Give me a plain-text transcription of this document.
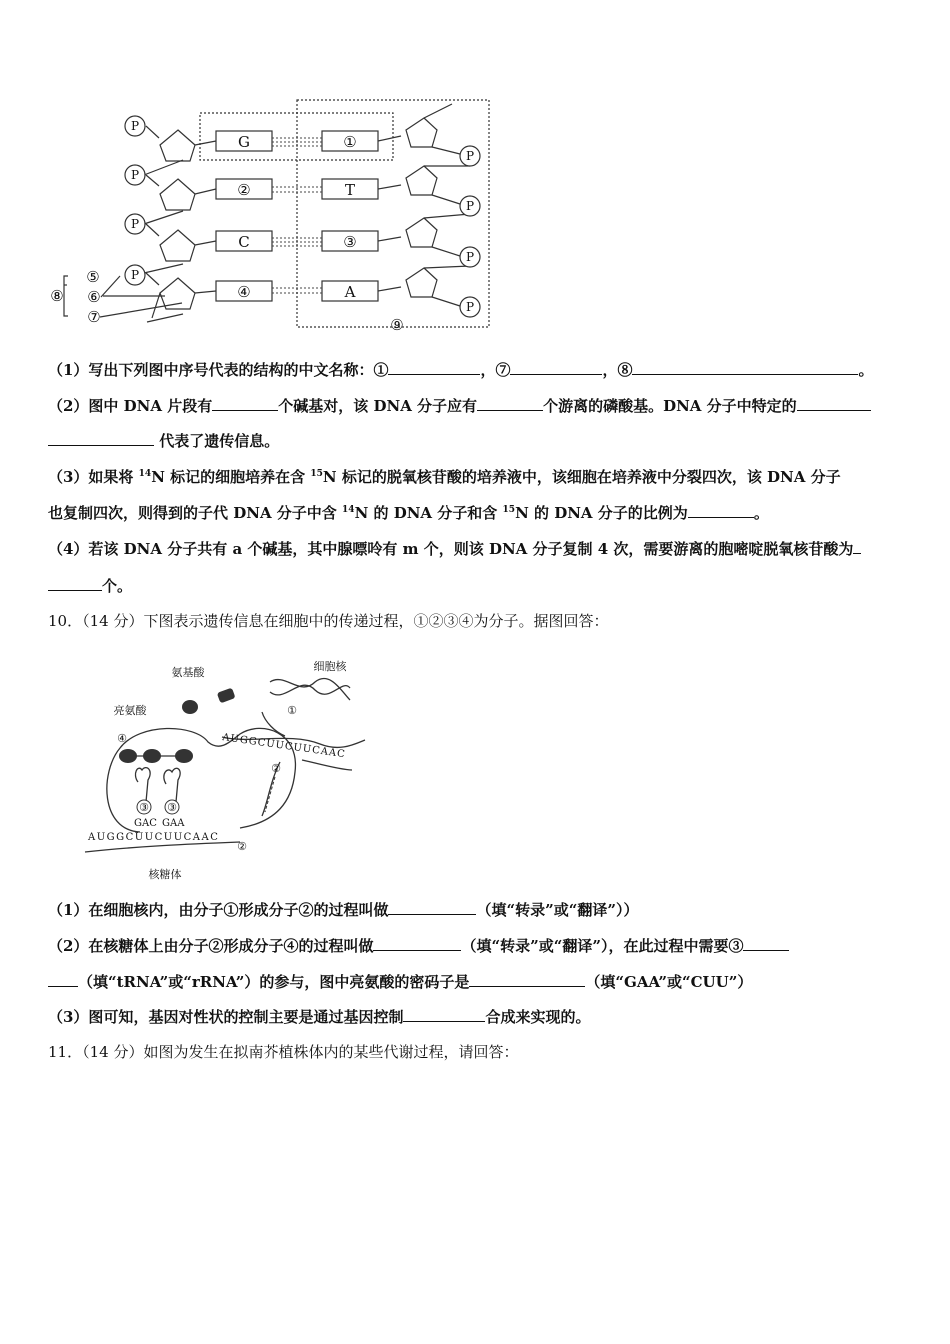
G
②
C
④
①
T
③
A
P
P
P
P
P
P
P
P
⑤
⑥
⑦
⑧
⑨
（1）写出下列图中序号代表的结构的中文名称：①	，⑦	，⑧	。
（2）图中 DNA 片段有	个碱基对，该 DNA 分子应有	个游离的磷酸基。DNA 分子中特定的
代表了遗传信息。
（3）如果将 $^{14}$N 标记的细胞培养在含 $^{15}$N 标记的脱氧核苷酸的培养液中，该细胞在培养液中分裂四次，该 DNA 分子
也复制四次，则得到的子代 DNA 分子中含 $^{14}$N 的 DNA 分子和含 $^{15}$N 的 DNA 分子的比例为	。
（4）若该 DNA 分子共有 a 个碱基，其中腺嘌呤有 m 个，则该 DNA 分子复制 4 次，需要游离的胞嘧啶脱氧核苷酸为
个。
10．（14 分）下图表示遗传信息在细胞中的传递过程，①②③④为分子。据图回答：
③ ③
氨基酸	细胞核
亮氨酸
核糖体
④
①
②
②
AUGGCUUCUUCAAC
AUGGCUUCUUCAAC
GAC GAA
（1）在细胞核内，由分子①形成分子②的过程叫做	（填“转录”或“翻译”））
（2）在核糖体上由分子②形成分子④的过程叫做	（填“转录”或“翻译”），在此过程中需要③
（填“tRNA”或“rRNA”）的参与，图中亮氨酸的密码子是	（填“GAA”或“CUU”）
（3）图可知，基因对性状的控制主要是通过基因控制	合成来实现的。
11．（14 分）如图为发生在拟南芥植株体内的某些代谢过程，请回答：
